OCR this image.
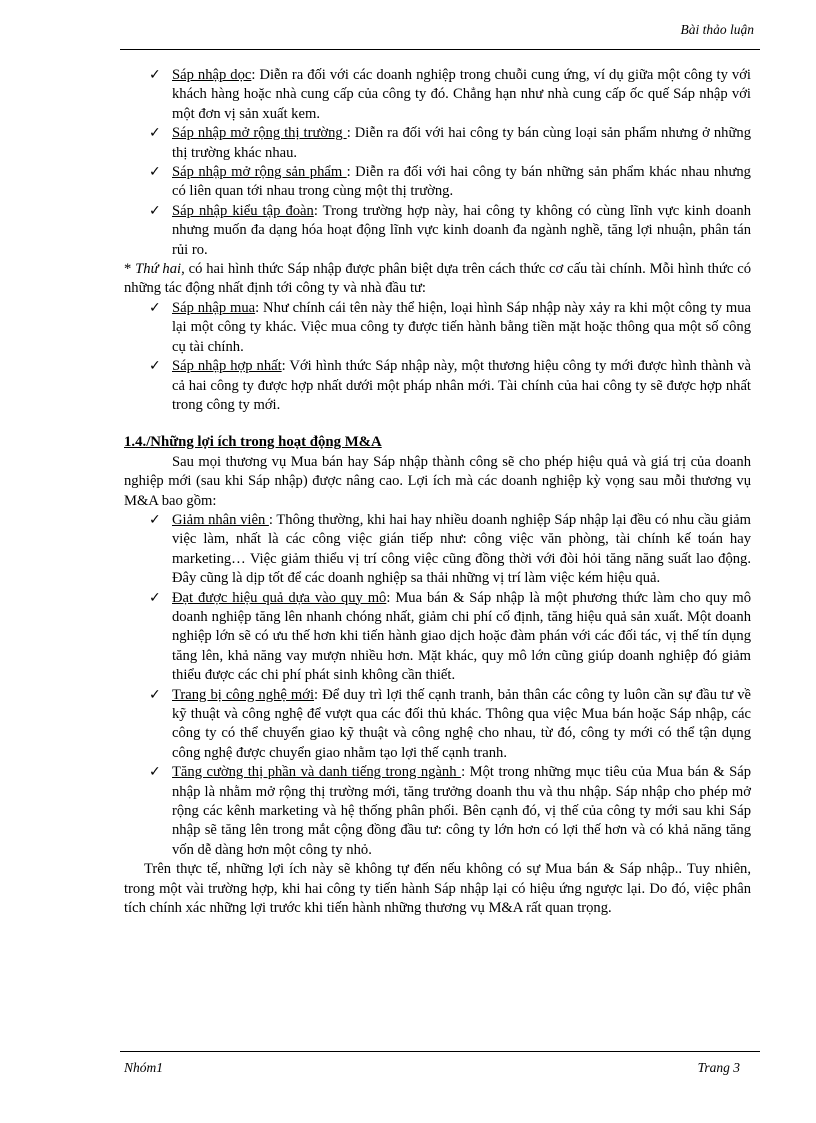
Bài thảo luận
✓ Sáp nhập dọc: Diễn ra đối với các doanh nghiệp trong chuỗi cung ứng, ví dụ giữa một công ty với khách hàng hoặc nhà cung cấp của công ty đó. Chẳng hạn như nhà cung cấp ốc quế Sáp nhập với một đơn vị sản xuất kem.
✓ Sáp nhập mở rộng thị trường : Diễn ra đối với hai công ty bán cùng loại sản phẩm nhưng ở những thị trường khác nhau.
✓ Sáp nhập mở rộng sản phẩm : Diễn ra đối với hai công ty bán những sản phẩm khác nhau nhưng có liên quan tới nhau trong cùng một thị trường.
✓ Sáp nhập kiểu tập đoàn: Trong trường hợp này, hai công ty không có cùng lĩnh vực kinh doanh nhưng muốn đa dạng hóa hoạt động lĩnh vực kinh doanh đa ngành nghề, tăng lợi nhuận, phân tán rủi ro.

* Thứ hai, có hai hình thức Sáp nhập được phân biệt dựa trên cách thức cơ cấu tài chính. Mỗi hình thức có những tác động nhất định tới công ty và nhà đầu tư:

✓ Sáp nhập mua: Như chính cái tên này thể hiện, loại hình Sáp nhập này xảy ra khi một công ty mua lại một công ty khác. Việc mua công ty được tiến hành bằng tiền mặt hoặc thông qua một số công cụ tài chính.
✓ Sáp nhập hợp nhất: Với hình thức Sáp nhập này, một thương hiệu công ty mới được hình thành và cả hai công ty được hợp nhất dưới một pháp nhân mới. Tài chính của hai công ty sẽ được hợp nhất trong công ty mới.
1.4./Những lợi ích trong hoạt động M&A

Sau mọi thương vụ Mua bán hay Sáp nhập thành công sẽ cho phép hiệu quả và giá trị của doanh nghiệp mới (sau khi Sáp nhập) được nâng cao. Lợi ích mà các doanh nghiệp kỳ vọng sau mỗi thương vụ M&A bao gồm:

✓ Giảm nhân viên : Thông thường, khi hai hay nhiều doanh nghiệp Sáp nhập lại đều có nhu cầu giảm việc làm, nhất là các công việc gián tiếp như: công việc văn phòng, tài chính kế toán hay marketing… Việc giảm thiểu vị trí công việc cũng đồng thời với đòi hỏi tăng năng suất lao động. Đây cũng là dịp tốt để các doanh nghiệp sa thải những vị trí làm việc kém hiệu quả.
✓ Đạt được hiệu quả dựa vào quy mô: Mua bán & Sáp nhập là một phương thức làm cho quy mô doanh nghiệp tăng lên nhanh chóng nhất, giảm chi phí cố định, tăng hiệu quả sản xuất. Một doanh nghiệp lớn sẽ có ưu thế hơn khi tiến hành giao dịch hoặc đàm phán với các đối tác, vị thế tín dụng tăng lên, khả năng vay mượn nhiều hơn. Mặt khác, quy mô lớn cũng giúp doanh nghiệp đó giảm thiểu được các chi phí phát sinh không cần thiết.
✓ Trang bị công nghệ mới: Để duy trì lợi thế cạnh tranh, bản thân các công ty luôn cần sự đầu tư về kỹ thuật và công nghệ để vượt qua các đối thủ khác. Thông qua việc Mua bán hoặc Sáp nhập, các công ty có thể chuyển giao kỹ thuật và công nghệ cho nhau, từ đó, công ty mới có thể tận dụng công nghệ được chuyển giao nhằm tạo lợi thế cạnh tranh.
✓ Tăng cường thị phần và danh tiếng trong ngành : Một trong những mục tiêu của Mua bán & Sáp nhập là nhằm mở rộng thị trường mới, tăng trưởng doanh thu và thu nhập. Sáp nhập cho phép mở rộng các kênh marketing và hệ thống phân phối. Bên cạnh đó, vị thế của công ty mới sau khi Sáp nhập sẽ tăng lên trong mắt cộng đồng đầu tư: công ty lớn hơn có lợi thế hơn và có khả năng tăng vốn dễ dàng hơn một công ty nhỏ.

Trên thực tế, những lợi ích này sẽ không tự đến nếu không có sự Mua bán & Sáp nhập.. Tuy nhiên, trong một vài trường hợp, khi hai công ty tiến hành Sáp nhập lại có hiệu ứng ngược lại. Do đó, việc phân tích chính xác những lợi trước khi tiến hành những thương vụ M&A rất quan trọng.

Nhóm1	Trang 3
